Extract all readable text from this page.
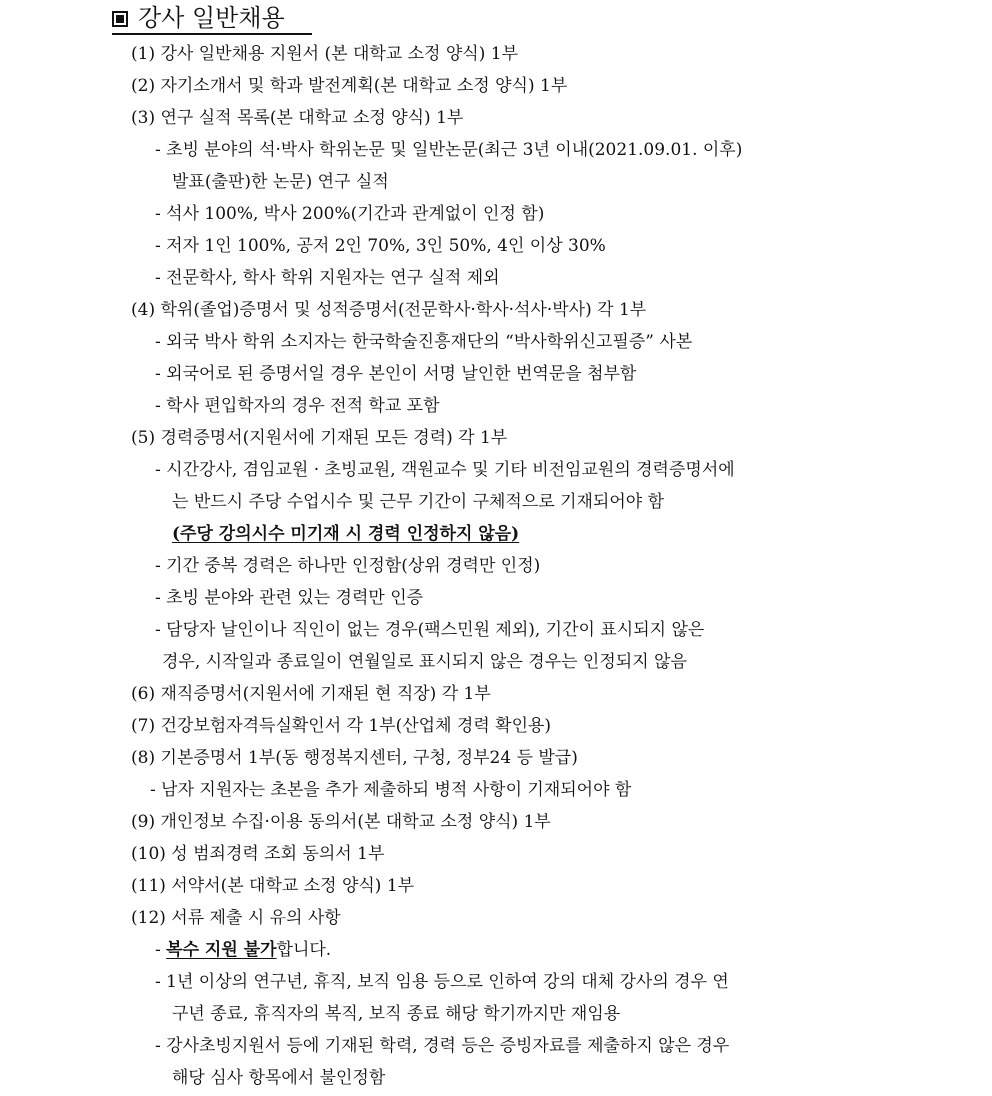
강사 일반채용
(1) 강사 일반채용 지원서 (본 대학교 소정 양식) 1부
(2) 자기소개서 및 학과 발전계획(본 대학교 소정 양식) 1부
(3) 연구 실적 목록(본 대학교 소정 양식) 1부
- 초빙 분야의 석·박사 학위논문 및 일반논문(최근 3년 이내(2021.09.01. 이후)
발표(출판)한 논문) 연구 실적
- 석사 100%, 박사 200%(기간과 관계없이 인정 함)
- 저자 1인 100%, 공저 2인 70%, 3인 50%, 4인 이상 30%
- 전문학사, 학사 학위 지원자는 연구 실적 제외
(4) 학위(졸업)증명서 및 성적증명서(전문학사·학사·석사·박사) 각 1부
- 외국 박사 학위 소지자는 한국학술진흥재단의 “박사학위신고필증” 사본
- 외국어로 된 증명서일 경우 본인이 서명 날인한 번역문을 첨부함
- 학사 편입학자의 경우 전적 학교 포함
(5) 경력증명서(지원서에 기재된 모든 경력) 각 1부
- 시간강사, 겸임교원 · 초빙교원, 객원교수 및 기타 비전임교원의 경력증명서에
는 반드시 주당 수업시수 및 근무 기간이 구체적으로 기재되어야 함
(주당 강의시수 미기재 시 경력 인정하지 않음)
- 기간 중복 경력은 하나만 인정함(상위 경력만 인정)
- 초빙 분야와 관련 있는 경력만 인증
- 담당자 날인이나 직인이 없는 경우(팩스민원 제외), 기간이 표시되지 않은
경우, 시작일과 종료일이 연월일로 표시되지 않은 경우는 인정되지 않음
(6) 재직증명서(지원서에 기재된 현 직장) 각 1부
(7) 건강보험자격득실확인서 각 1부(산업체 경력 확인용)
(8) 기본증명서 1부(동 행정복지센터, 구청, 정부24 등 발급)
- 남자 지원자는 초본을 추가 제출하되 병적 사항이 기재되어야 함
(9) 개인정보 수집·이용 동의서(본 대학교 소정 양식) 1부
(10) 성 범죄경력 조회 동의서 1부
(11) 서약서(본 대학교 소정 양식) 1부
(12) 서류 제출 시 유의 사항
- 복수 지원 불가합니다.
- 1년 이상의 연구년, 휴직, 보직 임용 등으로 인하여 강의 대체 강사의 경우 연
구년 종료, 휴직자의 복직, 보직 종료 해당 학기까지만 재임용
- 강사초빙지원서 등에 기재된 학력, 경력 등은 증빙자료를 제출하지 않은 경우
해당 심사 항목에서 불인정함
